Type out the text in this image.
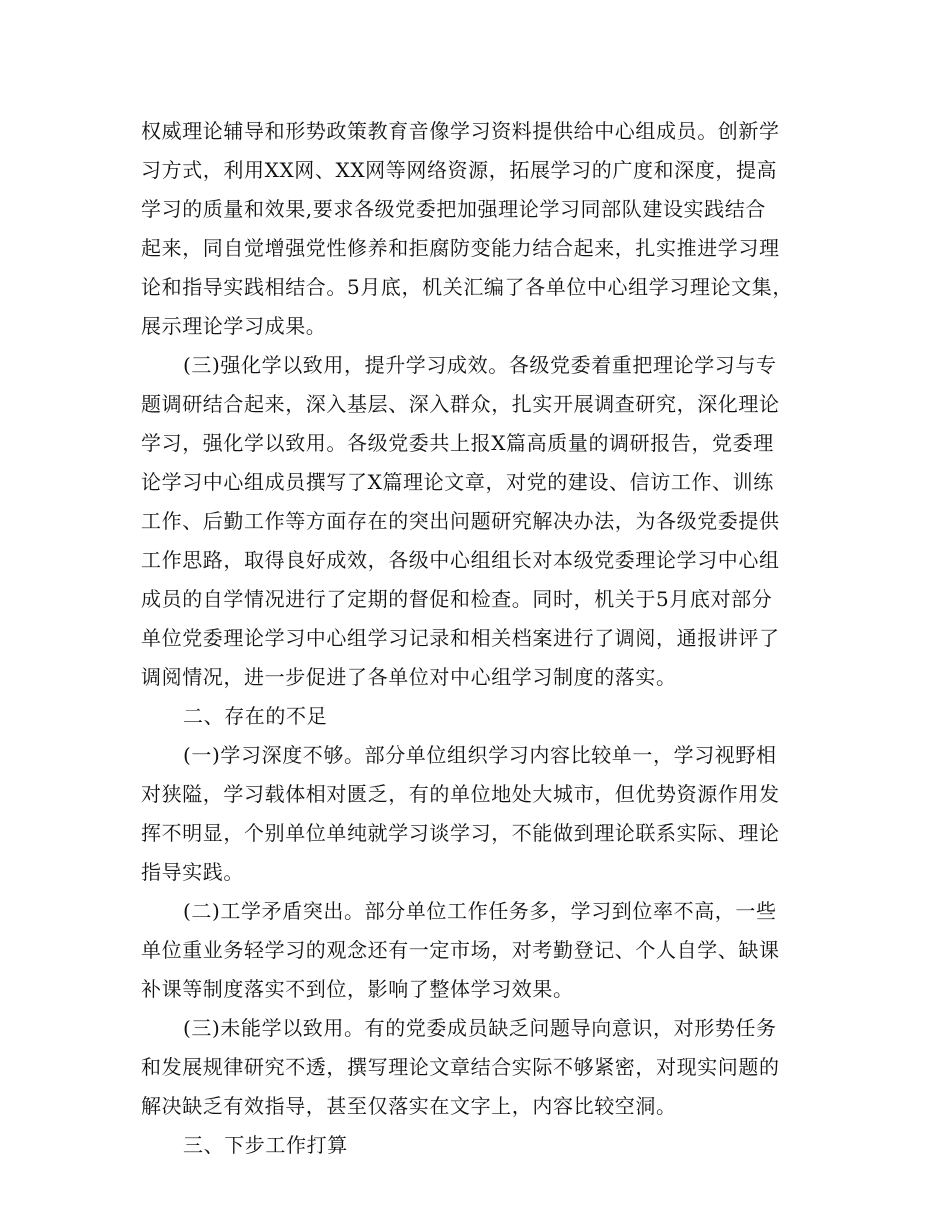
权威理论辅导和形势政策教育音像学习资料提供给中心组成员。创新学
习方式，利用XX网、XX网等网络资源，拓展学习的广度和深度，提高
学习的质量和效果,要求各级党委把加强理论学习同部队建设实践结合
起来，同自觉增强党性修养和拒腐防变能力结合起来，扎实推进学习理
论和指导实践相结合。5月底，机关汇编了各单位中心组学习理论文集，
展示理论学习成果。
(三)强化学以致用，提升学习成效。各级党委着重把理论学习与专
题调研结合起来，深入基层、深入群众，扎实开展调查研究，深化理论
学习，强化学以致用。各级党委共上报X篇高质量的调研报告，党委理
论学习中心组成员撰写了X篇理论文章，对党的建设、信访工作、训练
工作、后勤工作等方面存在的突出问题研究解决办法，为各级党委提供
工作思路，取得良好成效，各级中心组组长对本级党委理论学习中心组
成员的自学情况进行了定期的督促和检查。同时，机关于5月底对部分
单位党委理论学习中心组学习记录和相关档案进行了调阅，通报讲评了
调阅情况，进一步促进了各单位对中心组学习制度的落实。
二、存在的不足
(一)学习深度不够。部分单位组织学习内容比较单一，学习视野相
对狭隘，学习载体相对匮乏，有的单位地处大城市，但优势资源作用发
挥不明显，个别单位单纯就学习谈学习，不能做到理论联系实际、理论
指导实践。
(二)工学矛盾突出。部分单位工作任务多，学习到位率不高，一些
单位重业务轻学习的观念还有一定市场，对考勤登记、个人自学、缺课
补课等制度落实不到位，影响了整体学习效果。
(三)未能学以致用。有的党委成员缺乏问题导向意识，对形势任务
和发展规律研究不透，撰写理论文章结合实际不够紧密，对现实问题的
解决缺乏有效指导，甚至仅落实在文字上，内容比较空洞。
三、下步工作打算
